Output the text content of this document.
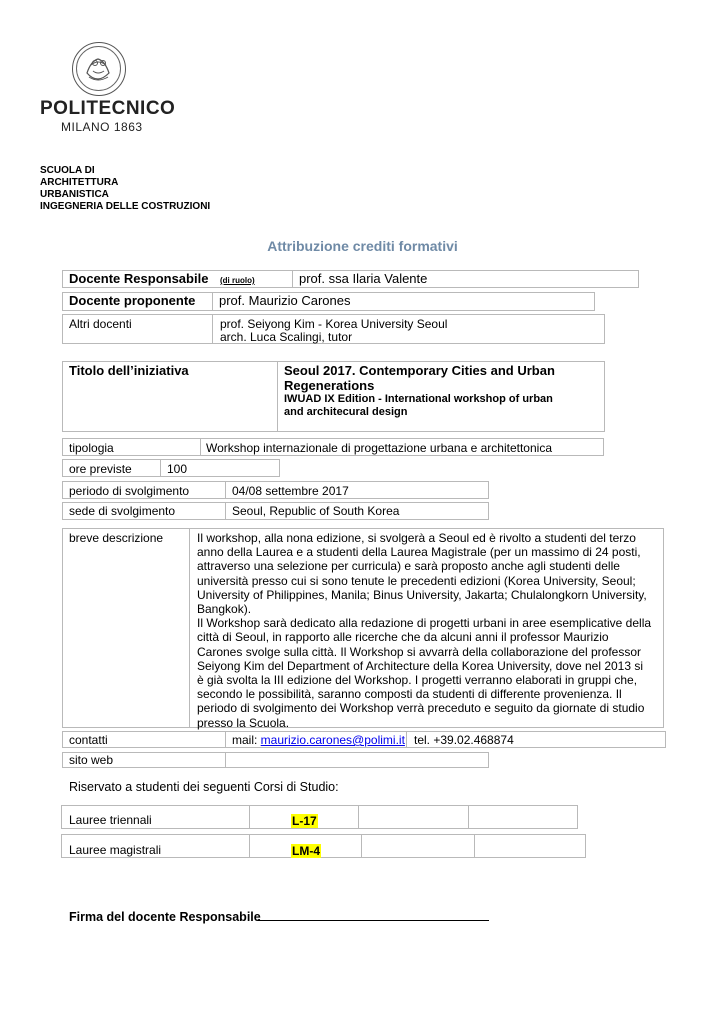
POLITECNICO
MILANO 1863
SCUOLA DI
ARCHITETTURA
URBANISTICA
INGEGNERIA DELLE COSTRUZIONI
Attribuzione crediti formativi
Docente Responsabile (di ruolo)	prof. ssa Ilaria Valente
Docente proponente prof. Maurizio Carones
Altri docenti	prof. Seiyong Kim - Korea University Seoul
arch. Luca Scalingi, tutor
Titolo dell’iniziativa	Seoul 2017. Contemporary Cities and Urban
Regenerations
IWUAD IX Edition - International workshop of urban
and architecural design
tipologia	Workshop internazionale di progettazione urbana e architettonica
ore previste	100
periodo di svolgimento	04/08 settembre 2017
sede di svolgimento	Seoul, Republic of South Korea
breve descrizione	Il workshop, alla nona edizione, si svolgerà a Seoul ed è rivolto a studenti del terzo
anno della Laurea e a studenti della Laurea Magistrale (per un massimo di 24 posti,
attraverso una selezione per curricula) e sarà proposto anche agli studenti delle
università presso cui si sono tenute le precedenti edizioni (Korea University, Seoul;
University of Philippines, Manila; Binus University, Jakarta; Chulalongkorn University,
Bangkok).
Il Workshop sarà dedicato alla redazione di progetti urbani in aree esemplicative della
città di Seoul, in rapporto alle ricerche che da alcuni anni il professor Maurizio
Carones svolge sulla città. Il Workshop si avvarrà della collaborazione del professor
Seiyong Kim del Department of Architecture della Korea University, dove nel 2013 si
è già svolta la III edizione del Workshop. I progetti verranno elaborati in gruppi che,
secondo le possibilità, saranno composti da studenti di differente provenienza. Il
periodo di svolgimento dei Workshop verrà preceduto e seguito da giornate di studio
presso la Scuola.
contatti	mail: maurizio.carones@polimi.it tel. +39.02.468874
sito web
Riservato a studenti dei seguenti Corsi di Studio:
Lauree triennali	L-17
Lauree magistrali	LM-4
Firma del docente Responsabile
